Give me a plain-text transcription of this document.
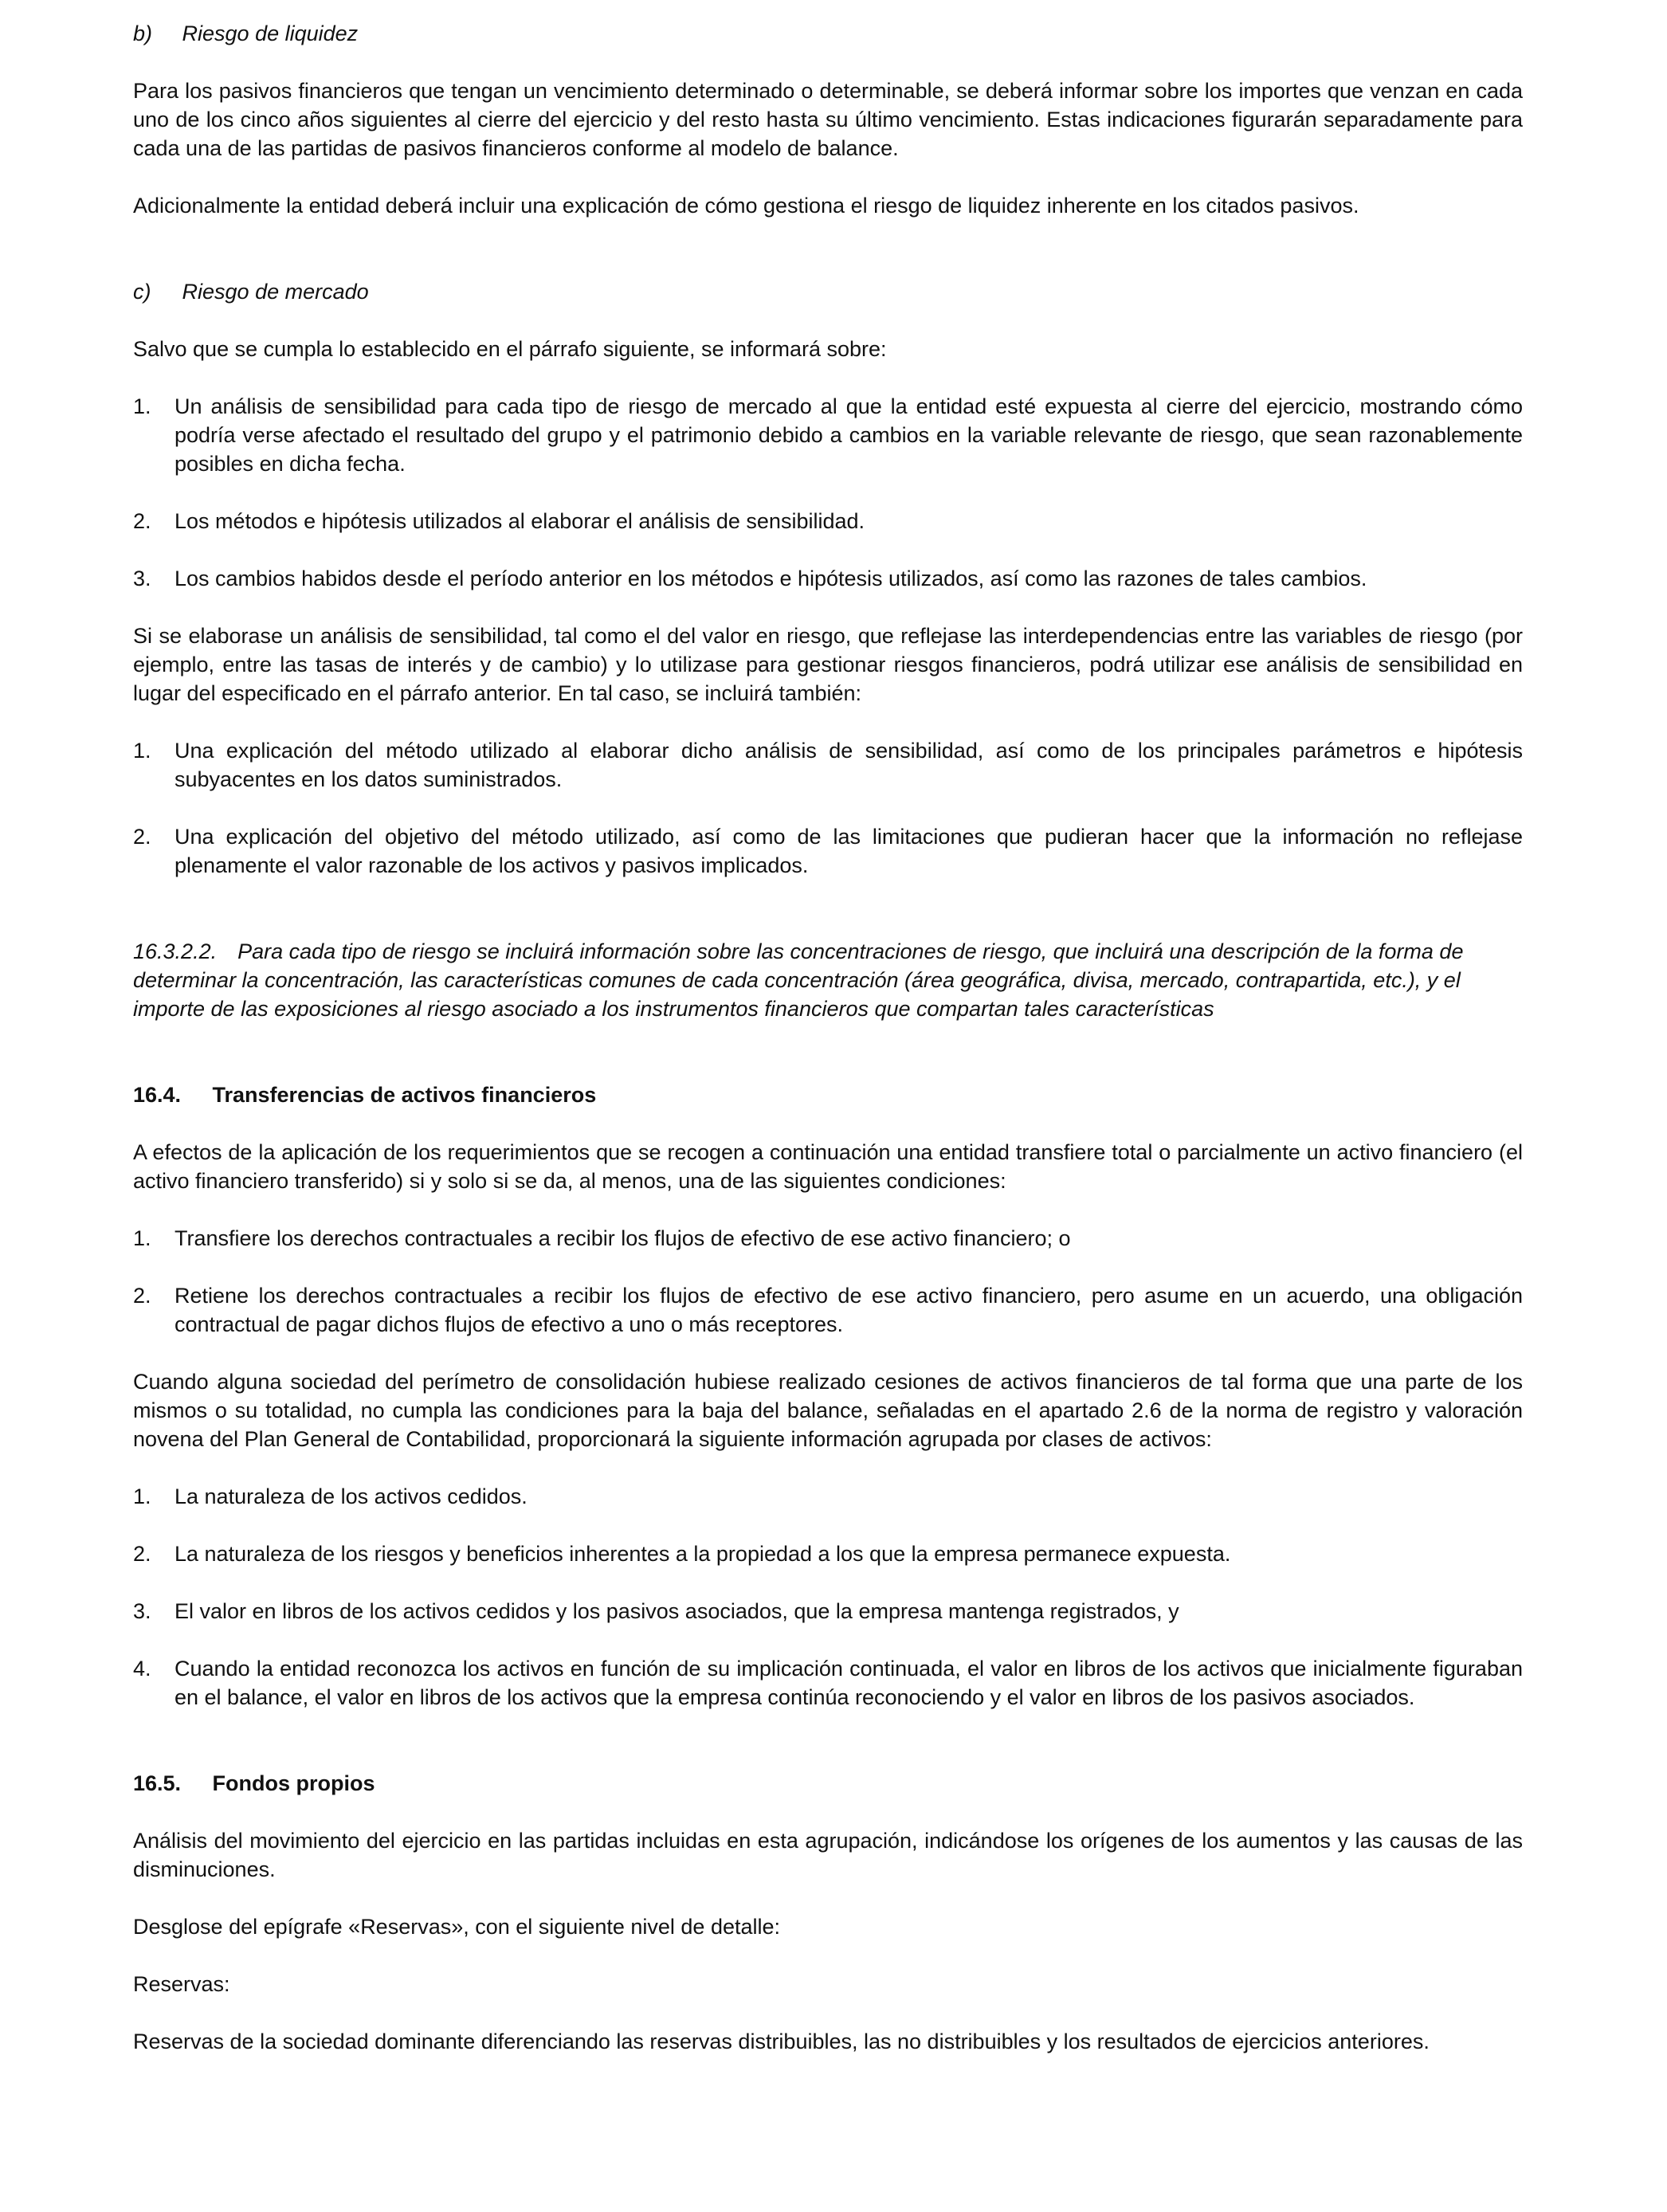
b) Riesgo de liquidez

Para los pasivos financieros que tengan un vencimiento determinado o determinable, se deberá informar sobre los importes que venzan en cada uno de los cinco años siguientes al cierre del ejercicio y del resto hasta su último vencimiento. Estas indicaciones figurarán separadamente para cada una de las partidas de pasivos financieros conforme al modelo de balance.

Adicionalmente la entidad deberá incluir una explicación de cómo gestiona el riesgo de liquidez inherente en los citados pasivos.

c) Riesgo de mercado

Salvo que se cumpla lo establecido en el párrafo siguiente, se informará sobre:

1.	Un análisis de sensibilidad para cada tipo de riesgo de mercado al que la entidad esté expuesta al cierre del ejercicio, mostrando cómo podría verse afectado el resultado del grupo y el patrimonio debido a cambios en la variable relevante de riesgo, que sean razonablemente posibles en dicha fecha.
2.	Los métodos e hipótesis utilizados al elaborar el análisis de sensibilidad.
3.	Los cambios habidos desde el período anterior en los métodos e hipótesis utilizados, así como las razones de tales cambios.

Si se elaborase un análisis de sensibilidad, tal como el del valor en riesgo, que reflejase las interdependencias entre las variables de riesgo (por ejemplo, entre las tasas de interés y de cambio) y lo utilizase para gestionar riesgos financieros, podrá utilizar ese análisis de sensibilidad en lugar del especificado en el párrafo anterior. En tal caso, se incluirá también:

1.	Una explicación del método utilizado al elaborar dicho análisis de sensibilidad, así como de los principales parámetros e hipótesis subyacentes en los datos suministrados.
2.	Una explicación del objetivo del método utilizado, así como de las limitaciones que pudieran hacer que la información no reflejase plenamente el valor razonable de los activos y pasivos implicados.

16.3.2.2. Para cada tipo de riesgo se incluirá información sobre las concentraciones de riesgo, que incluirá una descripción de la forma de determinar la concentración, las características comunes de cada concentración (área geográfica, divisa, mercado, contrapartida, etc.), y el importe de las exposiciones al riesgo asociado a los instrumentos financieros que compartan tales características

16.4. Transferencias de activos financieros

A efectos de la aplicación de los requerimientos que se recogen a continuación una entidad transfiere total o parcialmente un activo financiero (el activo financiero transferido) si y solo si se da, al menos, una de las siguientes condiciones:

1.	Transfiere los derechos contractuales a recibir los flujos de efectivo de ese activo financiero; o
2.	Retiene los derechos contractuales a recibir los flujos de efectivo de ese activo financiero, pero asume en un acuerdo, una obligación contractual de pagar dichos flujos de efectivo a uno o más receptores.

Cuando alguna sociedad del perímetro de consolidación hubiese realizado cesiones de activos financieros de tal forma que una parte de los mismos o su totalidad, no cumpla las condiciones para la baja del balance, señaladas en el apartado 2.6 de la norma de registro y valoración novena del Plan General de Contabilidad, proporcionará la siguiente información agrupada por clases de activos:

1.	La naturaleza de los activos cedidos.
2.	La naturaleza de los riesgos y beneficios inherentes a la propiedad a los que la empresa permanece expuesta.
3.	El valor en libros de los activos cedidos y los pasivos asociados, que la empresa mantenga registrados, y
4.	Cuando la entidad reconozca los activos en función de su implicación continuada, el valor en libros de los activos que inicialmente figuraban en el balance, el valor en libros de los activos que la empresa continúa reconociendo y el valor en libros de los pasivos asociados.
16.5. Fondos propios

Análisis del movimiento del ejercicio en las partidas incluidas en esta agrupación, indicándose los orígenes de los aumentos y las causas de las disminuciones.

Desglose del epígrafe «Reservas», con el siguiente nivel de detalle:

Reservas:

Reservas de la sociedad dominante diferenciando las reservas distribuibles, las no distribuibles y los resultados de ejercicios anteriores.
